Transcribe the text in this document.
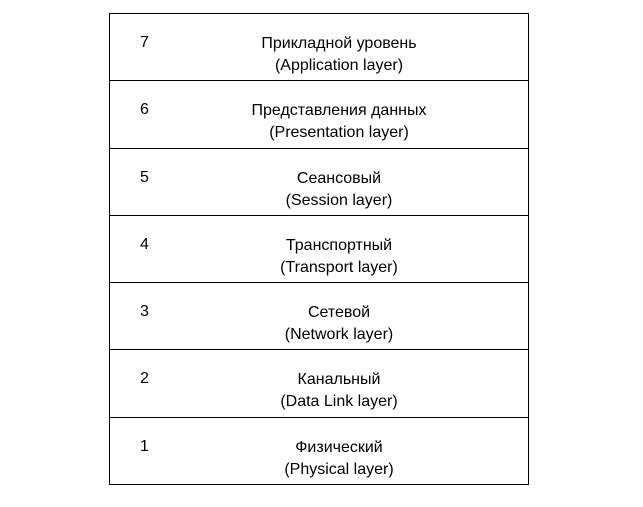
7	Прикладной уровень
(Application layer)
6	Представления данных
(Presentation layer)
5	Сеансовый
(Session layer)
4	Транспортный
(Transport layer)
3	Сетевой
(Network layer)
2	Канальный
(Data Link layer)
1	Физический
(Physical layer)
